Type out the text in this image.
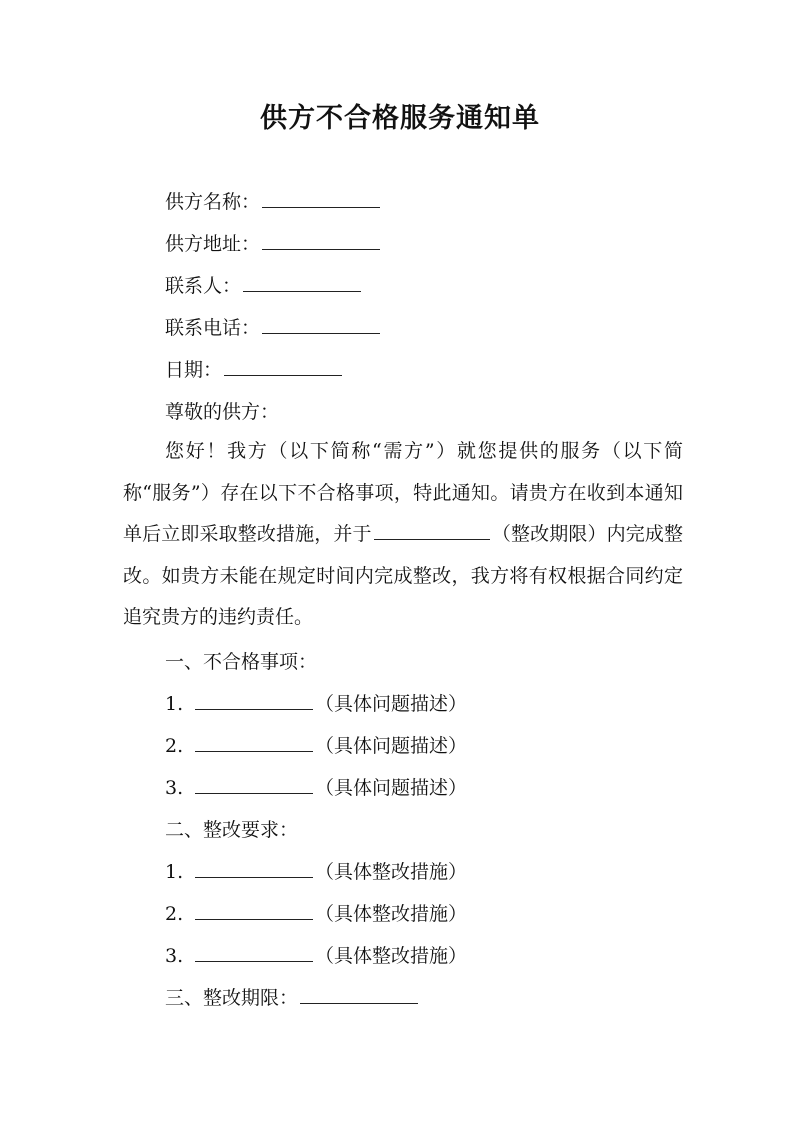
供方不合格服务通知单
供方名称：
供方地址：
联系人：
联系电话：
日期：
尊敬的供方：
您好！我方（以下简称“需方”）就您提供的服务（以下简称“服务”）存在以下不合格事项，特此通知。请贵方在收到本通知单后立即采取整改措施，并于	（整改期限）内完成整改。如贵方未能在规定时间内完成整改，我方将有权根据合同约定追究贵方的违约责任。
一、不合格事项：
1.	（具体问题描述）
2.	（具体问题描述）
3.	（具体问题描述）
二、整改要求：
1.	（具体整改措施）
2.	（具体整改措施）
3.	（具体整改措施）
三、整改期限：
